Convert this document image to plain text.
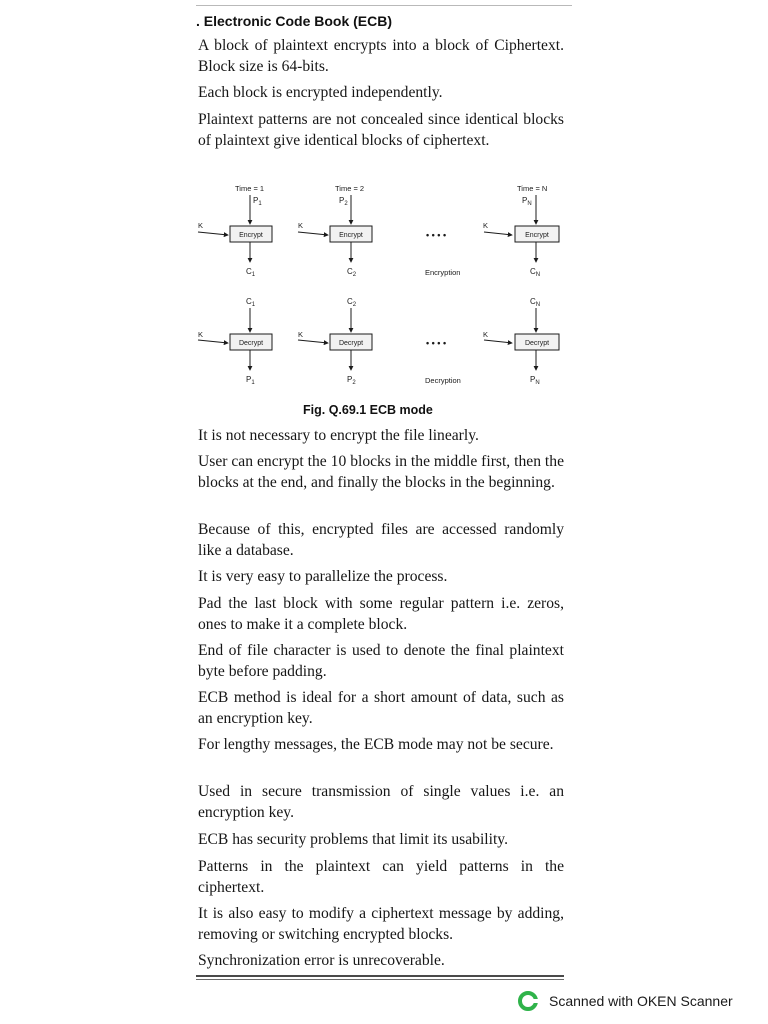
. Electronic Code Book (ECB)
A block of plaintext encrypts into a block of Ciphertext. Block size is 64-bits.
Each block is encrypted independently.
Plaintext patterns are not concealed since identical blocks of plaintext give identical blocks of ciphertext.
Time = 1
$P_1$
K
Encrypt
$C_1$
Time = 2
$P_2$
K
Encrypt
$C_2$
• • • •
K
Encryption
Time = N
$P_N$
Encrypt
$C_N$
$C_1$
K
Decrypt
$P_1$
$C_2$
K
Decrypt
$P_2$
• • • •
K
Decryption
$C_N$
Decrypt
$P_N$
Fig. Q.69.1 ECB mode
It is not necessary to encrypt the file linearly.
User can encrypt the 10 blocks in the middle first, then the blocks at the end, and finally the blocks in the beginning.
Because of this, encrypted files are accessed randomly like a database.
It is very easy to parallelize the process.
Pad the last block with some regular pattern i.e. zeros, ones to make it a complete block.
End of file character is used to denote the final plaintext byte before padding.
ECB method is ideal for a short amount of data, such as an encryption key.
For lengthy messages, the ECB mode may not be secure.
Used in secure transmission of single values i.e. an encryption key.
ECB has security problems that limit its usability.
Patterns in the plaintext can yield patterns in the ciphertext.
It is also easy to modify a ciphertext message by adding, removing or switching encrypted blocks.
Synchronization error is unrecoverable.
Scanned with OKEN Scanner
